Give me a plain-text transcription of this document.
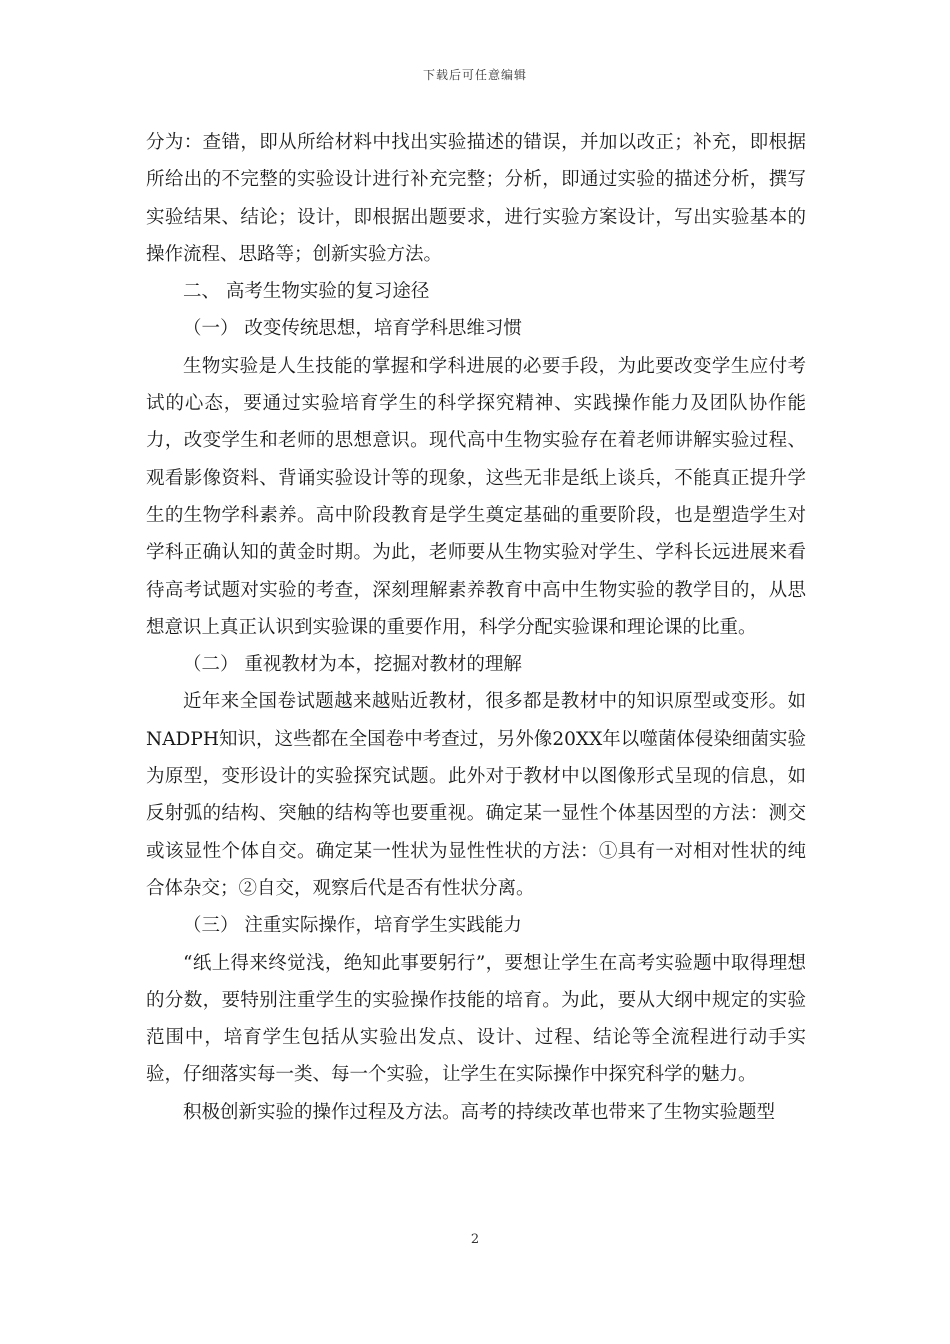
下载后可任意编辑

分为：查错，即从所给材料中找出实验描述的错误，并加以改正；补充，即根据所给出的不完整的实验设计进行补充完整；分析，即通过实验的描述分析，撰写实验结果、结论；设计，即根据出题要求，进行实验方案设计，写出实验基本的操作流程、思路等；创新实验方法。

二、 高考生物实验的复习途径

（一） 改变传统思想，培育学科思维习惯

生物实验是人生技能的掌握和学科进展的必要手段，为此要改变学生应付考试的心态，要通过实验培育学生的科学探究精神、实践操作能力及团队协作能力，改变学生和老师的思想意识。现代高中生物实验存在着老师讲解实验过程、观看影像资料、背诵实验设计等的现象，这些无非是纸上谈兵，不能真正提升学生的生物学科素养。高中阶段教育是学生奠定基础的重要阶段，也是塑造学生对学科正确认知的黄金时期。为此，老师要从生物实验对学生、学科长远进展来看待高考试题对实验的考查，深刻理解素养教育中高中生物实验的教学目的，从思想意识上真正认识到实验课的重要作用，科学分配实验课和理论课的比重。

（二） 重视教材为本，挖掘对教材的理解

近年来全国卷试题越来越贴近教材，很多都是教材中的知识原型或变形。如NADPH知识，这些都在全国卷中考查过，另外像20XX年以噬菌体侵染细菌实验为原型，变形设计的实验探究试题。此外对于教材中以图像形式呈现的信息，如反射弧的结构、突触的结构等也要重视。确定某一显性个体基因型的方法：测交或该显性个体自交。确定某一性状为显性性状的方法：①具有一对相对性状的纯合体杂交；②自交，观察后代是否有性状分离。

（三） 注重实际操作，培育学生实践能力

“纸上得来终觉浅，绝知此事要躬行”，要想让学生在高考实验题中取得理想的分数，要特别注重学生的实验操作技能的培育。为此，要从大纲中规定的实验范围中，培育学生包括从实验出发点、设计、过程、结论等全流程进行动手实验，仔细落实每一类、每一个实验，让学生在实际操作中探究科学的魅力。

积极创新实验的操作过程及方法。高考的持续改革也带来了生物实验题型

2
